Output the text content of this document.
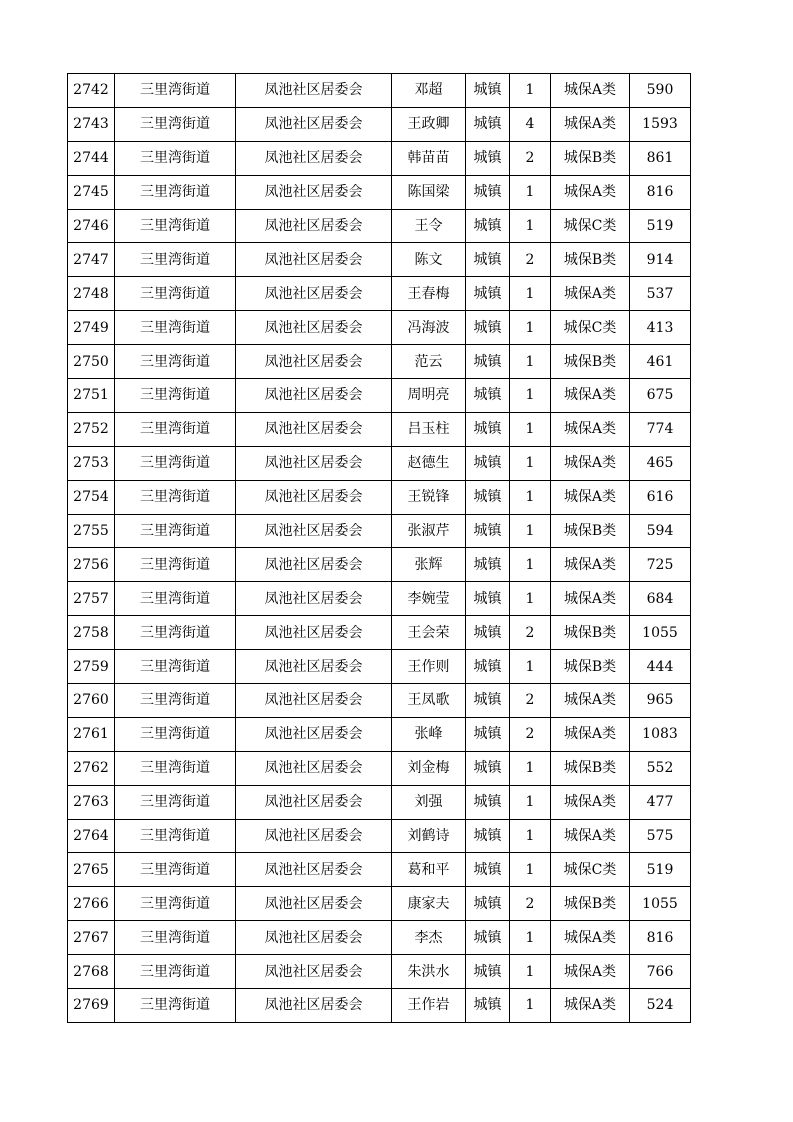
2742	三里湾街道	凤池社区居委会	邓超	城镇	1	城保A类	590
2743	三里湾街道	凤池社区居委会	王政卿	城镇	4	城保A类	1593
2744	三里湾街道	凤池社区居委会	韩苗苗	城镇	2	城保B类	861
2745	三里湾街道	凤池社区居委会	陈国梁	城镇	1	城保A类	816
2746	三里湾街道	凤池社区居委会	王令	城镇	1	城保C类	519
2747	三里湾街道	凤池社区居委会	陈文	城镇	2	城保B类	914
2748	三里湾街道	凤池社区居委会	王春梅	城镇	1	城保A类	537
2749	三里湾街道	凤池社区居委会	冯海波	城镇	1	城保C类	413
2750	三里湾街道	凤池社区居委会	范云	城镇	1	城保B类	461
2751	三里湾街道	凤池社区居委会	周明亮	城镇	1	城保A类	675
2752	三里湾街道	凤池社区居委会	吕玉柱	城镇	1	城保A类	774
2753	三里湾街道	凤池社区居委会	赵德生	城镇	1	城保A类	465
2754	三里湾街道	凤池社区居委会	王锐锋	城镇	1	城保A类	616
2755	三里湾街道	凤池社区居委会	张淑芹	城镇	1	城保B类	594
2756	三里湾街道	凤池社区居委会	张辉	城镇	1	城保A类	725
2757	三里湾街道	凤池社区居委会	李婉莹	城镇	1	城保A类	684
2758	三里湾街道	凤池社区居委会	王会荣	城镇	2	城保B类	1055
2759	三里湾街道	凤池社区居委会	王作则	城镇	1	城保B类	444
2760	三里湾街道	凤池社区居委会	王凤歌	城镇	2	城保A类	965
2761	三里湾街道	凤池社区居委会	张峰	城镇	2	城保A类	1083
2762	三里湾街道	凤池社区居委会	刘金梅	城镇	1	城保B类	552
2763	三里湾街道	凤池社区居委会	刘强	城镇	1	城保A类	477
2764	三里湾街道	凤池社区居委会	刘鹤诗	城镇	1	城保A类	575
2765	三里湾街道	凤池社区居委会	葛和平	城镇	1	城保C类	519
2766	三里湾街道	凤池社区居委会	康家夫	城镇	2	城保B类	1055
2767	三里湾街道	凤池社区居委会	李杰	城镇	1	城保A类	816
2768	三里湾街道	凤池社区居委会	朱洪水	城镇	1	城保A类	766
2769	三里湾街道	凤池社区居委会	王作岩	城镇	1	城保A类	524
